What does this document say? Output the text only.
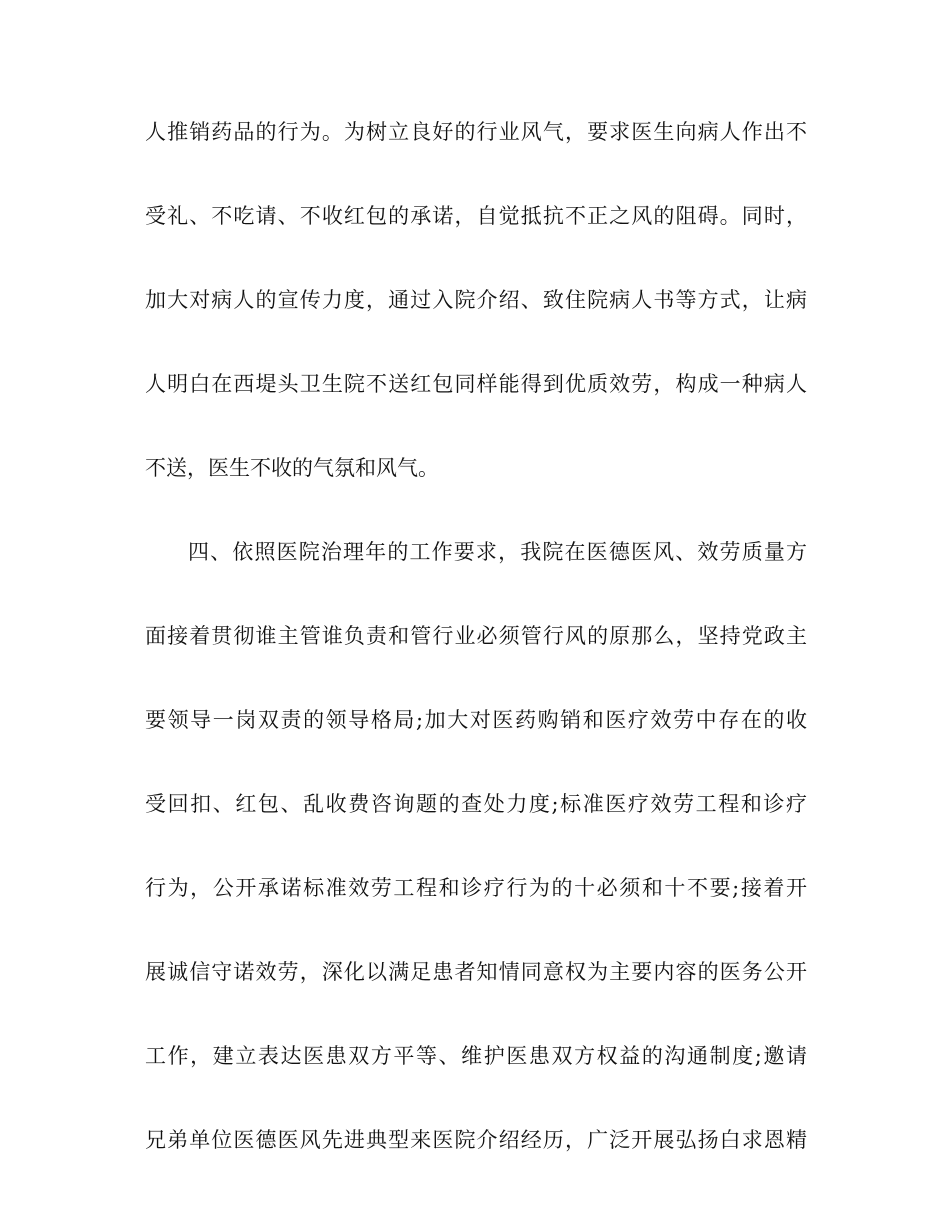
人推销药品的行为。为树立良好的行业风气，要求医生向病人作出不
受礼、不吃请、不收红包的承诺，自觉抵抗不正之风的阻碍。同时，
加大对病人的宣传力度，通过入院介绍、致住院病人书等方式，让病
人明白在西堤头卫生院不送红包同样能得到优质效劳，构成一种病人
不送，医生不收的气氛和风气。
四、依照医院治理年的工作要求，我院在医德医风、效劳质量方
面接着贯彻谁主管谁负责和管行业必须管行风的原那么，坚持党政主
要领导一岗双责的领导格局;加大对医药购销和医疗效劳中存在的收
受回扣、红包、乱收费咨询题的查处力度;标准医疗效劳工程和诊疗
行为，公开承诺标准效劳工程和诊疗行为的十必须和十不要;接着开
展诚信守诺效劳，深化以满足患者知情同意权为主要内容的医务公开
工作，建立表达医患双方平等、维护医患双方权益的沟通制度;邀请
兄弟单位医德医风先进典型来医院介绍经历，广泛开展弘扬白求恩精
